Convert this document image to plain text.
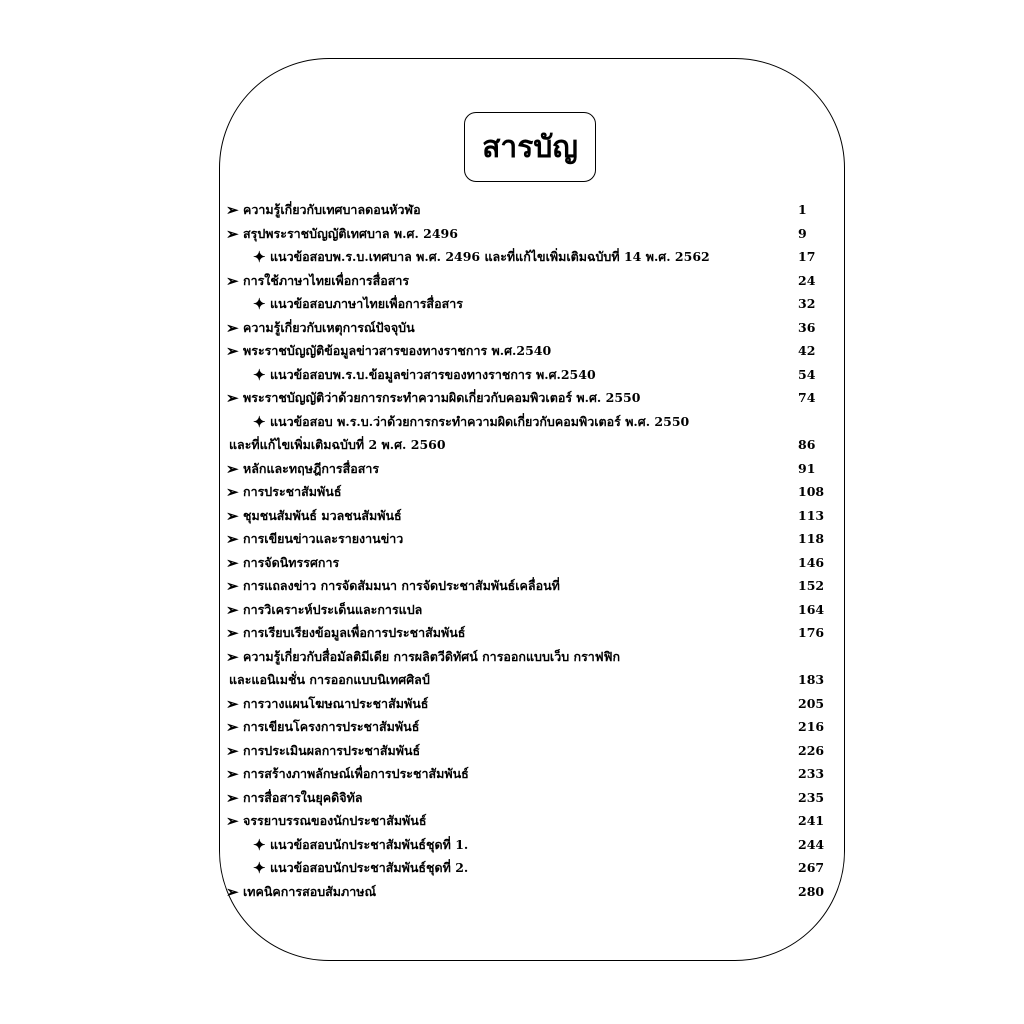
สารบัญ
➢ ความรู้เกี่ยวกับเทศบาลดอนหัวฬ่อ	1
➢ สรุปพระราชบัญญัติเทศบาล พ.ศ. 2496	9
✦ แนวข้อสอบพ.ร.บ.เทศบาล พ.ศ. 2496 และที่แก้ไขเพิ่มเติมฉบับที่ 14 พ.ศ. 2562	17
➢ การใช้ภาษาไทยเพื่อการสื่อสาร	24
✦ แนวข้อสอบภาษาไทยเพื่อการสื่อสาร	32
➢ ความรู้เกี่ยวกับเหตุการณ์ปัจจุบัน	36
➢ พระราชบัญญัติข้อมูลข่าวสารของทางราชการ พ.ศ.2540	42
✦ แนวข้อสอบพ.ร.บ.ข้อมูลข่าวสารของทางราชการ พ.ศ.2540	54
➢ พระราชบัญญัติว่าด้วยการกระทำความผิดเกี่ยวกับคอมพิวเตอร์ พ.ศ. 2550	74
✦ แนวข้อสอบ พ.ร.บ.ว่าด้วยการกระทำความผิดเกี่ยวกับคอมพิวเตอร์ พ.ศ. 2550
และที่แก้ไขเพิ่มเติมฉบับที่ 2 พ.ศ. 2560	86
➢ หลักและทฤษฎีการสื่อสาร	91
➢ การประชาสัมพันธ์	108
➢ ชุมชนสัมพันธ์ มวลชนสัมพันธ์	113
➢ การเขียนข่าวและรายงานข่าว	118
➢ การจัดนิทรรศการ	146
➢ การแถลงข่าว การจัดสัมมนา การจัดประชาสัมพันธ์เคลื่อนที่	152
➢ การวิเคราะห์ประเด็นและการแปล	164
➢ การเรียบเรียงข้อมูลเพื่อการประชาสัมพันธ์	176
➢ ความรู้เกี่ยวกับสื่อมัลติมีเดีย การผลิตวีดิทัศน์ การออกแบบเว็บ กราฟฟิก
และแอนิเมชั่น การออกแบบนิเทศศิลป์	183
➢ การวางแผนโฆษณาประชาสัมพันธ์	205
➢ การเขียนโครงการประชาสัมพันธ์	216
➢ การประเมินผลการประชาสัมพันธ์	226
➢ การสร้างภาพลักษณ์เพื่อการประชาสัมพันธ์	233
➢ การสื่อสารในยุคดิจิทัล	235
➢ จรรยาบรรณของนักประชาสัมพันธ์	241
✦ แนวข้อสอบนักประชาสัมพันธ์ชุดที่ 1.	244
✦ แนวข้อสอบนักประชาสัมพันธ์ชุดที่ 2.	267
➢ เทคนิคการสอบสัมภาษณ์	280
